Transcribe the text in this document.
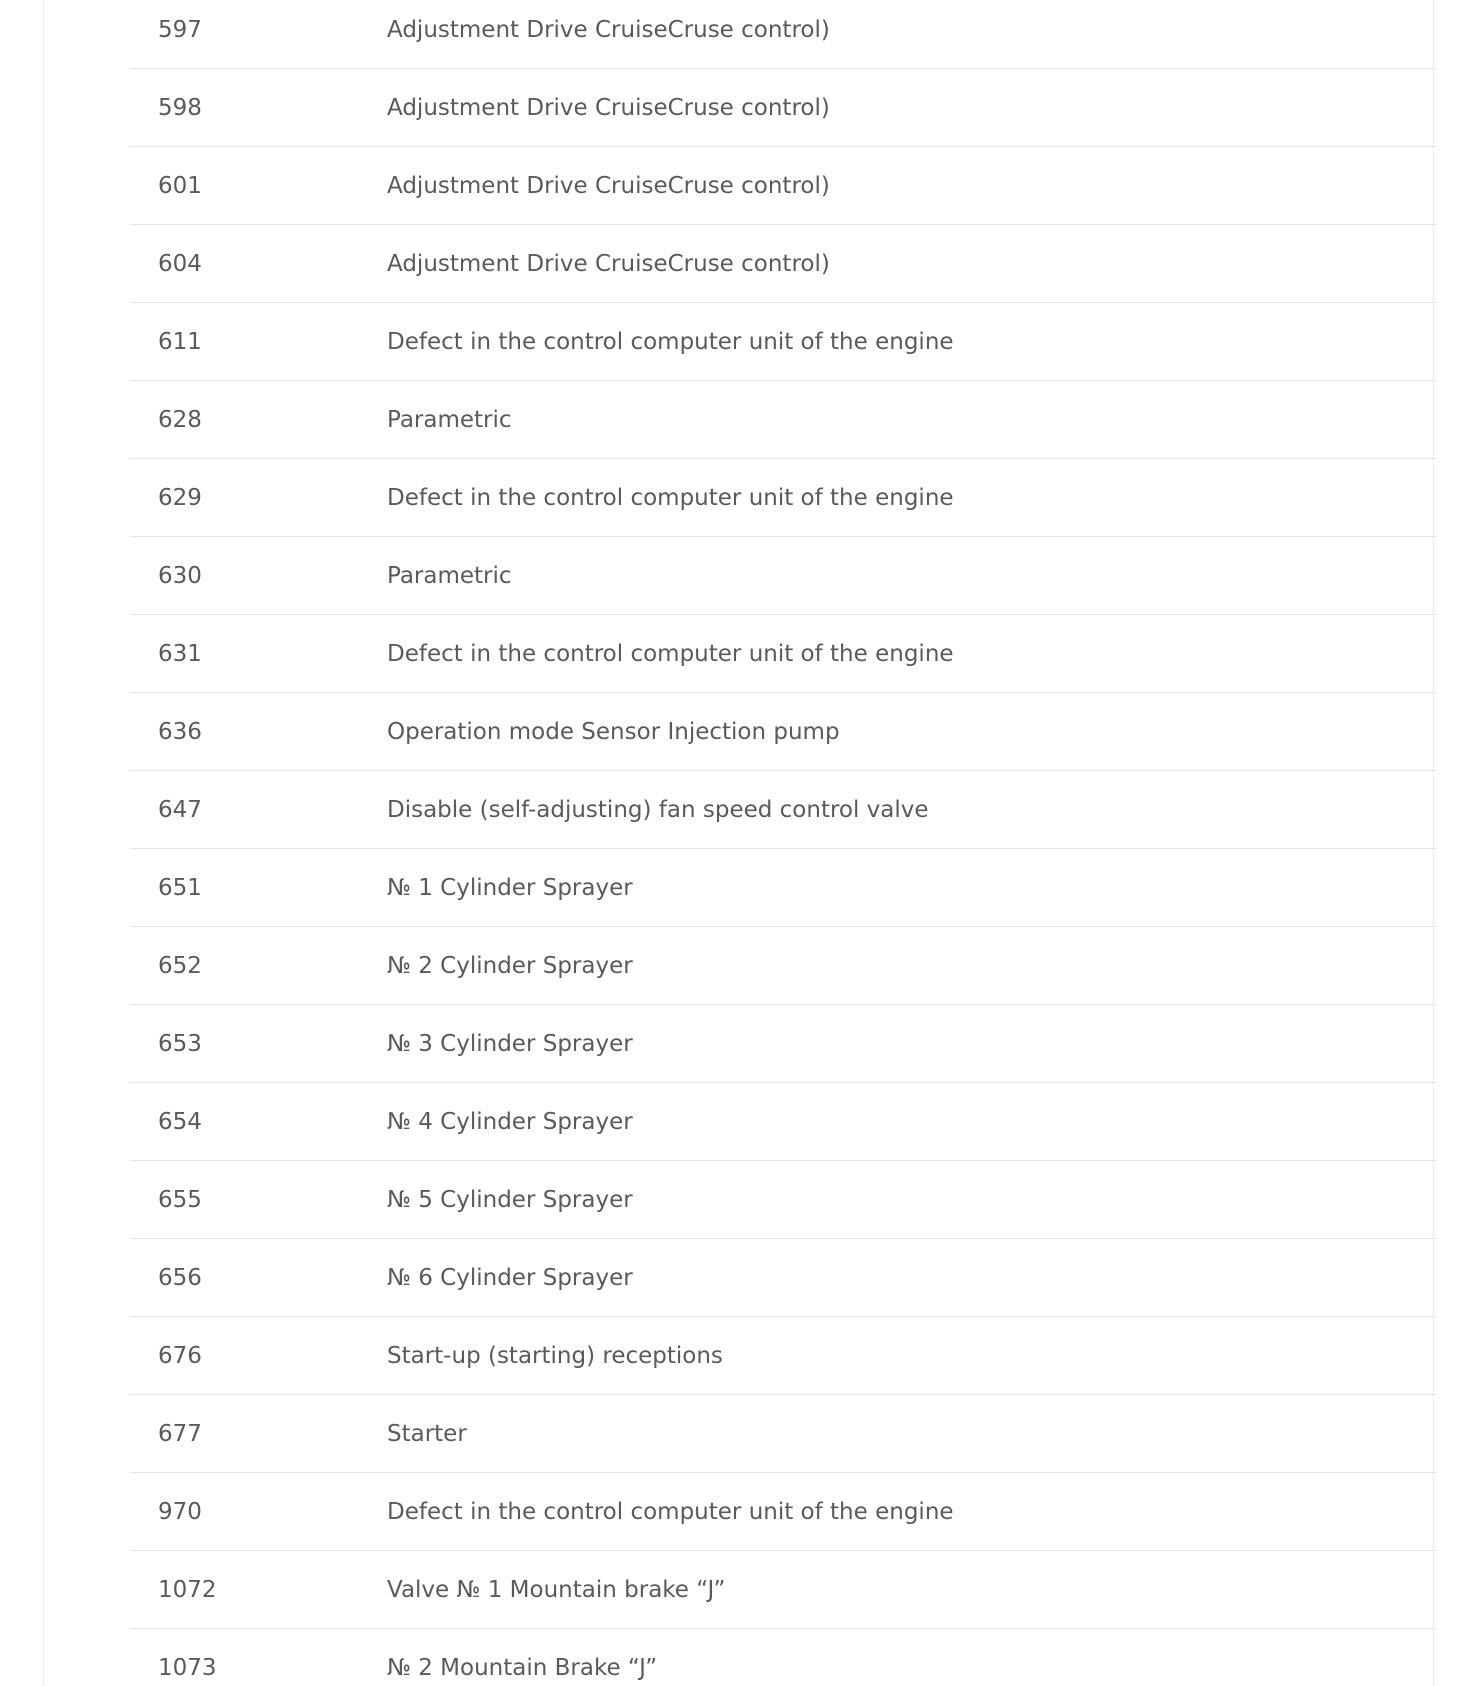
597	Adjustment Drive CruiseCruse control)
598	Adjustment Drive CruiseCruse control)
601	Adjustment Drive CruiseCruse control)
604	Adjustment Drive CruiseCruse control)
611	Defect in the control computer unit of the engine
628	Parametric
629	Defect in the control computer unit of the engine
630	Parametric
631	Defect in the control computer unit of the engine
636	Operation mode Sensor Injection pump
647	Disable (self-adjusting) fan speed control valve
651	№ 1 Cylinder Sprayer
652	№ 2 Cylinder Sprayer
653	№ 3 Cylinder Sprayer
654	№ 4 Cylinder Sprayer
655	№ 5 Cylinder Sprayer
656	№ 6 Cylinder Sprayer
676	Start-up (starting) receptions
677	Starter
970	Defect in the control computer unit of the engine
1072	Valve № 1 Mountain brake “J”
1073	№ 2 Mountain Brake “J”
